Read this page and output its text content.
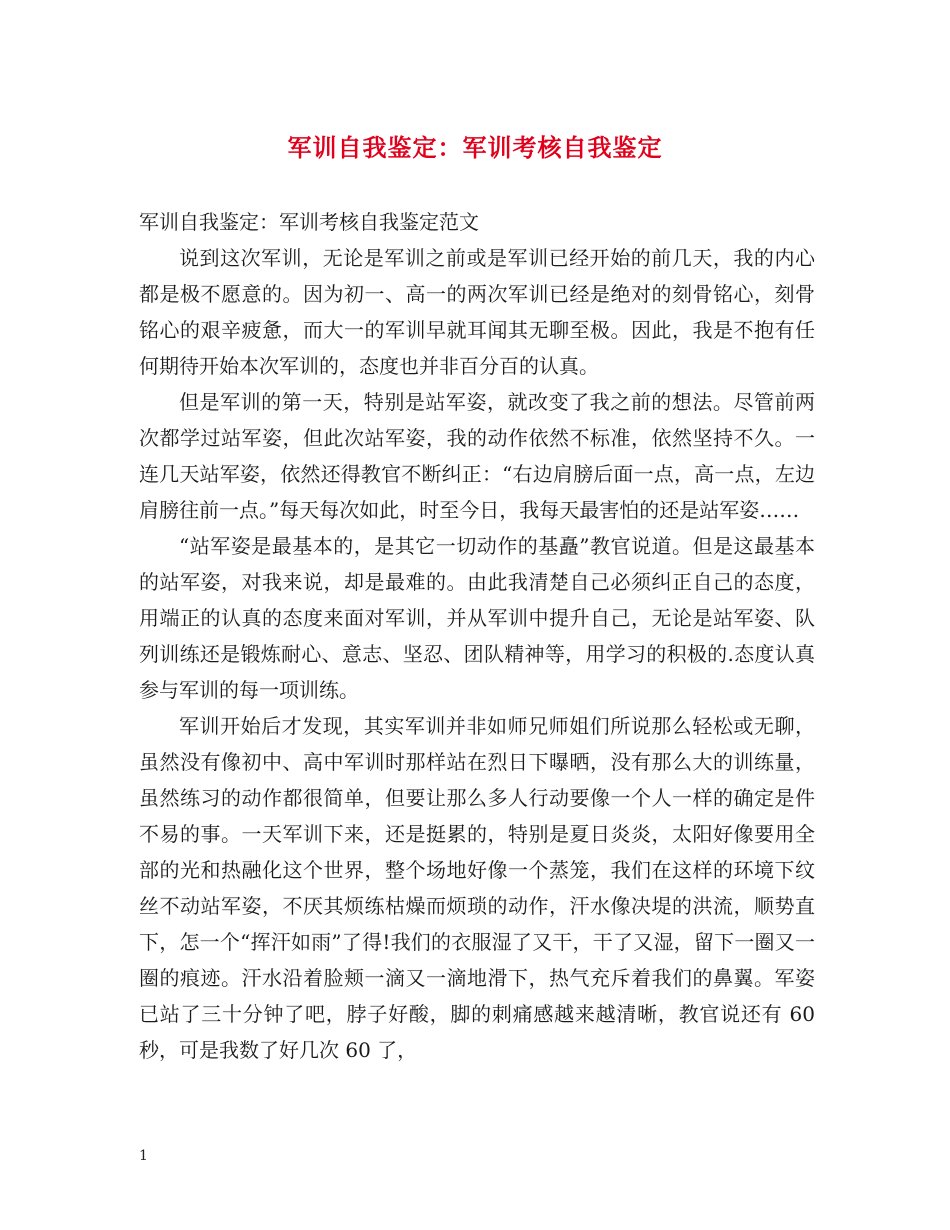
军训自我鉴定：军训考核自我鉴定

军训自我鉴定：军训考核自我鉴定范文

说到这次军训，无论是军训之前或是军训已经开始的前几天，我的内心都是极不愿意的。因为初一、高一的两次军训已经是绝对的刻骨铭心，刻骨铭心的艰辛疲惫，而大一的军训早就耳闻其无聊至极。因此，我是不抱有任何期待开始本次军训的，态度也并非百分百的认真。

但是军训的第一天，特别是站军姿，就改变了我之前的想法。尽管前两次都学过站军姿，但此次站军姿，我的动作依然不标准，依然坚持不久。一连几天站军姿，依然还得教官不断纠正：“右边肩膀后面一点，高一点，左边肩膀往前一点。”每天每次如此，时至今日，我每天最害怕的还是站军姿……

“站军姿是最基本的，是其它一切动作的基矗”教官说道。但是这最基本的站军姿，对我来说，却是最难的。由此我清楚自己必须纠正自己的态度，用端正的认真的态度来面对军训，并从军训中提升自己，无论是站军姿、队列训练还是锻炼耐心、意志、坚忍、团队精神等，用学习的积极的.态度认真参与军训的每一项训练。

军训开始后才发现，其实军训并非如师兄师姐们所说那么轻松或无聊，虽然没有像初中、高中军训时那样站在烈日下曝晒，没有那么大的训练量，虽然练习的动作都很简单，但要让那么多人行动要像一个人一样的确定是件不易的事。一天军训下来，还是挺累的，特别是夏日炎炎，太阳好像要用全部的光和热融化这个世界，整个场地好像一个蒸笼，我们在这样的环境下纹丝不动站军姿，不厌其烦练枯燥而烦琐的动作，汗水像决堤的洪流，顺势直下，怎一个“挥汗如雨”了得!我们的衣服湿了又干，干了又湿，留下一圈又一圈的痕迹。汗水沿着脸颊一滴又一滴地滑下，热气充斥着我们的鼻翼。军姿已站了三十分钟了吧，脖子好酸，脚的刺痛感越来越清晰，教官说还有 60 秒，可是我数了好几次 60 了，

1
